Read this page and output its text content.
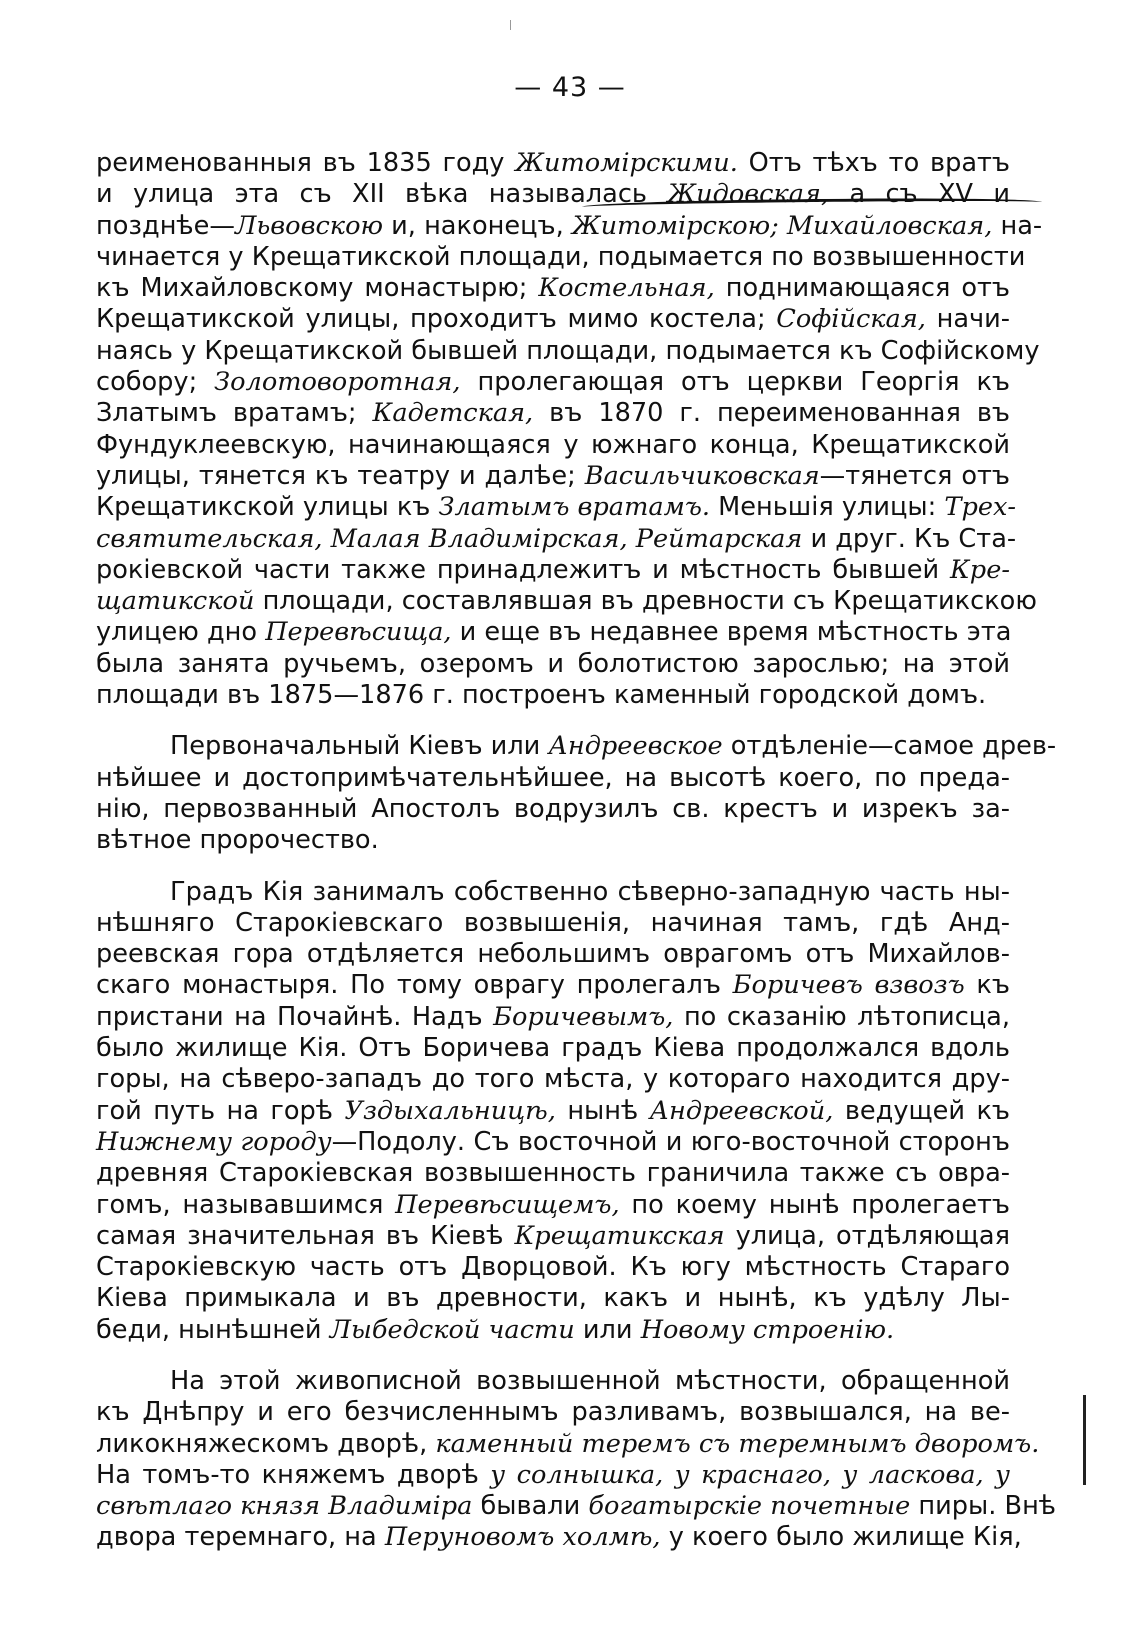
— 43 —
реименованныя въ 1835 году Житомірскими. Отъ тѣхъ то вратъ
и улица эта съ XII вѣка называлась Жидовская, а съ XV и
позднѣе—Львовскою и, наконецъ, Житомірскою; Михайловская, на-
чинается у Крещатикской площади, подымается по возвышенности
къ Михайловскому монастырю; Костельная, поднимающаяся отъ
Крещатикской улицы, проходитъ мимо костела; Софійская, начи-
наясь у Крещатикской бывшей площади, подымается къ Софійскому
собору; Золотоворотная, пролегающая отъ церкви Георгія къ
Златымъ вратамъ; Кадетская, въ 1870 г. переименованная въ
Фундуклеевскую, начинающаяся у южнаго конца, Крещатикской
улицы, тянется къ театру и далѣе; Васильчиковская—тянется отъ
Крещатикской улицы къ Златымъ вратамъ. Меньшія улицы: Трех-
святительская, Малая Владимірская, Рейтарская и друг. Къ Ста-
рокіевской части также принадлежитъ и мѣстность бывшей Кре-
щатикской площади, составлявшая въ древности съ Крещатикскою
улицею дно Перевѣсища, и еще въ недавнее время мѣстность эта
была занята ручьемъ, озеромъ и болотистою зарослью; на этой
площади въ 1875—1876 г. построенъ каменный городской домъ.
Первоначальный Кіевъ или Андреевское отдѣленіе—самое древ-
нѣйшее и достопримѣчательнѣйшее, на высотѣ коего, по преда-
нію, первозванный Апостолъ водрузилъ св. крестъ и изрекъ за-
вѣтное пророчество.
Градъ Кія занималъ собственно сѣверно-западную часть ны-
нѣшняго Старокіевскаго возвышенія, начиная тамъ, гдѣ Анд-
реевская гора отдѣляется небольшимъ оврагомъ отъ Михайлов-
скаго монастыря. По тому оврагу пролегалъ Боричевъ взвозъ къ
пристани на Почайнѣ. Надъ Боричевымъ, по сказанію лѣтописца,
было жилище Кія. Отъ Боричева градъ Кіева продолжался вдоль
горы, на сѣверо-западъ до того мѣста, у котораго находится дру-
гой путь на горѣ Уздыхальницѣ, нынѣ Андреевской, ведущей къ
Нижнему городу—Подолу. Съ восточной и юго-восточной сторонъ
древняя Старокіевская возвышенность граничила также съ овра-
гомъ, называвшимся Перевѣсищемъ, по коему нынѣ пролегаетъ
самая значительная въ Кіевѣ Крещатикская улица, отдѣляющая
Старокіевскую часть отъ Дворцовой. Къ югу мѣстность Стараго
Кіева примыкала и въ древности, какъ и нынѣ, къ удѣлу Лы-
беди, нынѣшней Лыбедской части или Новому строенію.
На этой живописной возвышенной мѣстности, обращенной
къ Днѣпру и его безчисленнымъ разливамъ, возвышался, на ве-
ликокняжескомъ дворѣ, каменный теремъ съ теремнымъ дворомъ.
На томъ-то княжемъ дворѣ у солнышка, у краснаго, у ласкова, у
свѣтлаго князя Владиміра бывали богатырскіе почетные пиры. Внѣ
двора теремнаго, на Перуновомъ холмѣ, у коего было жилище Кія,
